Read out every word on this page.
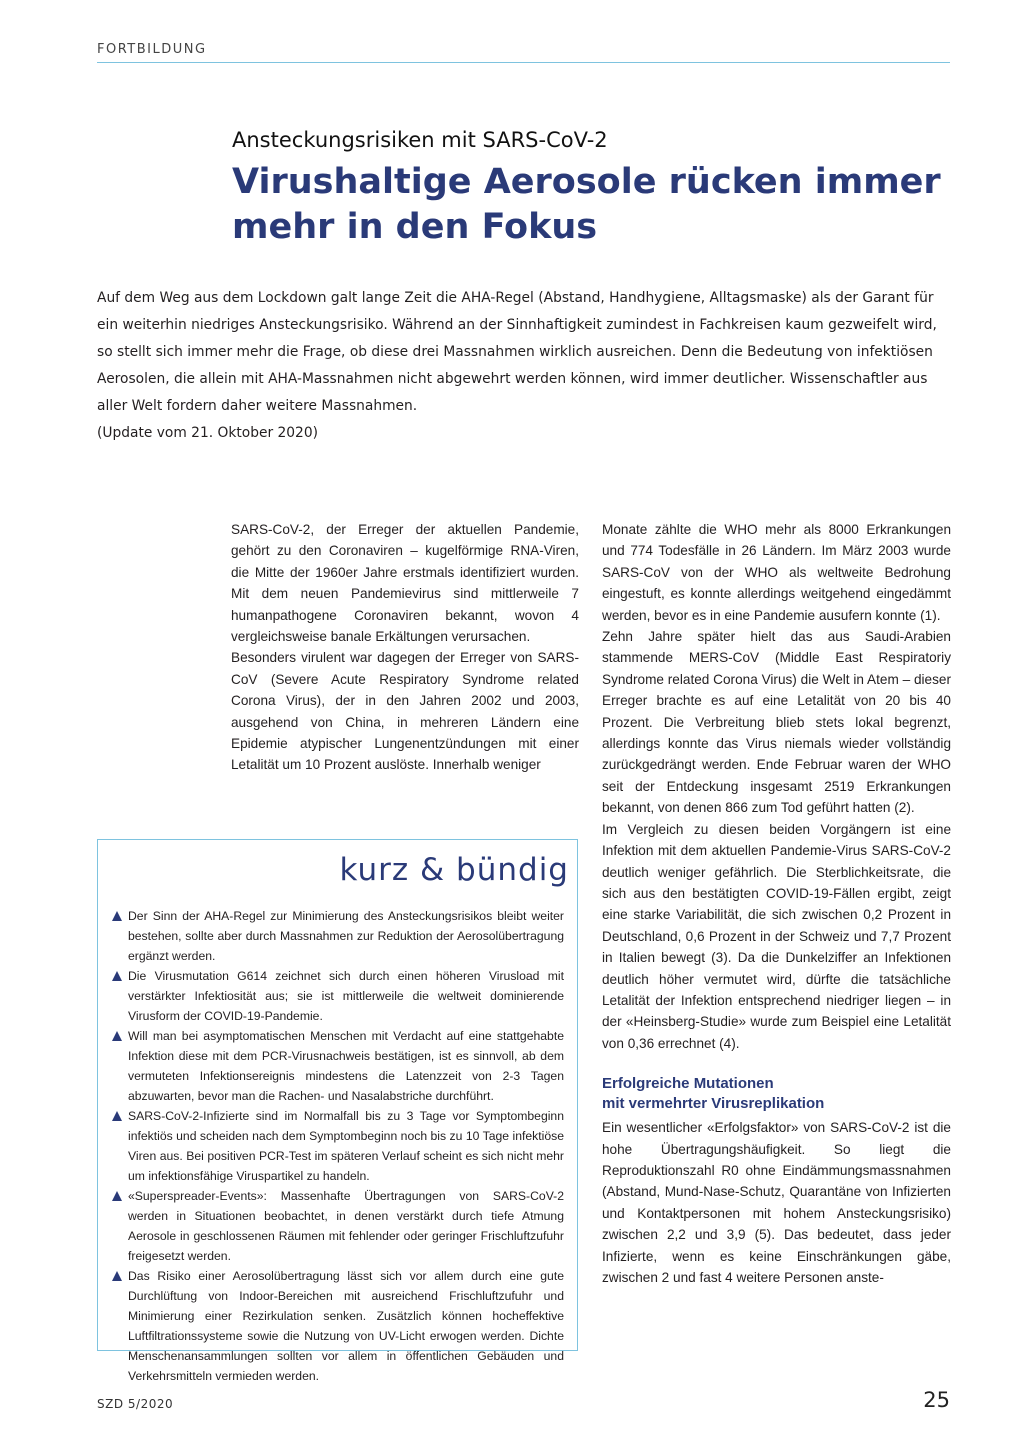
FORTBILDUNG
Ansteckungsrisiken mit SARS-CoV-2
Virushaltige Aerosole rücken immer mehr in den Fokus

Auf dem Weg aus dem Lockdown galt lange Zeit die AHA-Regel (Abstand, Handhygiene, Alltagsmaske) als der Garant für ein weiterhin niedriges Ansteckungsrisiko. Während an der Sinnhaftigkeit zumindest in Fachkreisen kaum gezweifelt wird, so stellt sich immer mehr die Frage, ob diese drei Massnahmen wirklich ausreichen. Denn die Bedeutung von infektiösen Aerosolen, die allein mit AHA-Massnahmen nicht abgewehrt werden können, wird immer deutlicher. Wissenschaftler aus aller Welt fordern daher weitere Massnahmen.

(Update vom 21. Oktober 2020)

SARS-CoV-2, der Erreger der aktuellen Pandemie, gehört zu den Coronaviren – kugelförmige RNA-Viren, die Mitte der 1960er Jahre erstmals identifiziert wurden. Mit dem neuen Pandemievirus sind mittlerweile 7 humanpathogene Coronaviren bekannt, wovon 4 vergleichsweise banale Erkältungen verursachen.

Besonders virulent war dagegen der Erreger von SARS-CoV (Severe Acute Respiratory Syndrome related Corona Virus), der in den Jahren 2002 und 2003, ausgehend von China, in mehreren Ländern eine Epidemie atypischer Lungenentzündungen mit einer Letalität um 10 Prozent auslöste. Innerhalb weniger

kurz & bündig
Der Sinn der AHA-Regel zur Minimierung des Ansteckungsrisikos bleibt weiter bestehen, sollte aber durch Massnahmen zur Reduktion der Aerosolübertragung ergänzt werden.
Die Virusmutation G614 zeichnet sich durch einen höheren Virusload mit verstärkter Infektiosität aus; sie ist mittlerweile die weltweit dominierende Virusform der COVID-19-Pandemie.
Will man bei asymptomatischen Menschen mit Verdacht auf eine stattgehabte Infektion diese mit dem PCR-Virusnachweis bestätigen, ist es sinnvoll, ab dem vermuteten Infektionsereignis mindestens die Latenzzeit von 2-3 Tagen abzuwarten, bevor man die Rachen- und Nasalabstriche durchführt.
SARS-CoV-2-Infizierte sind im Normalfall bis zu 3 Tage vor Symptombeginn infektiös und scheiden nach dem Symptombeginn noch bis zu 10 Tage infektiöse Viren aus. Bei positiven PCR-Test im späteren Verlauf scheint es sich nicht mehr um infektionsfähige Viruspartikel zu handeln.
«Superspreader-Events»: Massenhafte Übertragungen von SARS-CoV-2 werden in Situationen beobachtet, in denen verstärkt durch tiefe Atmung Aerosole in geschlossenen Räumen mit fehlender oder geringer Frischluftzufuhr freigesetzt werden.
Das Risiko einer Aerosolübertragung lässt sich vor allem durch eine gute Durchlüftung von Indoor-Bereichen mit ausreichend Frischluftzufuhr und Minimierung einer Rezirkulation senken. Zusätzlich können hocheffektive Luftfiltrationssysteme sowie die Nutzung von UV-Licht erwogen werden. Dichte Menschenansammlungen sollten vor allem in öffentlichen Gebäuden und Verkehrsmitteln vermieden werden.

Monate zählte die WHO mehr als 8000 Erkrankungen und 774 Todesfälle in 26 Ländern. Im März 2003 wurde SARS-CoV von der WHO als weltweite Bedrohung eingestuft, es konnte allerdings weitgehend eingedämmt werden, bevor es in eine Pandemie ausufern konnte (1).

Zehn Jahre später hielt das aus Saudi-Arabien stammende MERS-CoV (Middle East Respiratoriy Syndrome related Corona Virus) die Welt in Atem – dieser Erreger brachte es auf eine Letalität von 20 bis 40 Prozent. Die Verbreitung blieb stets lokal begrenzt, allerdings konnte das Virus niemals wieder vollständig zurückgedrängt werden. Ende Februar waren der WHO seit der Entdeckung insgesamt 2519 Erkrankungen bekannt, von denen 866 zum Tod geführt hatten (2).

Im Vergleich zu diesen beiden Vorgängern ist eine Infektion mit dem aktuellen Pandemie-Virus SARS-CoV-2 deutlich weniger gefährlich. Die Sterblichkeitsrate, die sich aus den bestätigten COVID-19-Fällen ergibt, zeigt eine starke Variabilität, die sich zwischen 0,2 Prozent in Deutschland, 0,6 Prozent in der Schweiz und 7,7 Prozent in Italien bewegt (3). Da die Dunkelziffer an Infektionen deutlich höher vermutet wird, dürfte die tatsächliche Letalität der Infektion entsprechend niedriger liegen – in der «Heinsberg-Studie» wurde zum Beispiel eine Letalität von 0,36 errechnet (4).

Erfolgreiche Mutationen
mit vermehrter Virusreplikation

Ein wesentlicher «Erfolgsfaktor» von SARS-CoV-2 ist die hohe Übertragungshäufigkeit. So liegt die Reproduktionszahl R0 ohne Eindämmungsmassnahmen (Abstand, Mund-Nase-Schutz, Quarantäne von Infizierten und Kontaktpersonen mit hohem Ansteckungsrisiko) zwischen 2,2 und 3,9 (5). Das bedeutet, dass jeder Infizierte, wenn es keine Einschränkungen gäbe, zwischen 2 und fast 4 weitere Personen anste-

SZD 5/2020	25
